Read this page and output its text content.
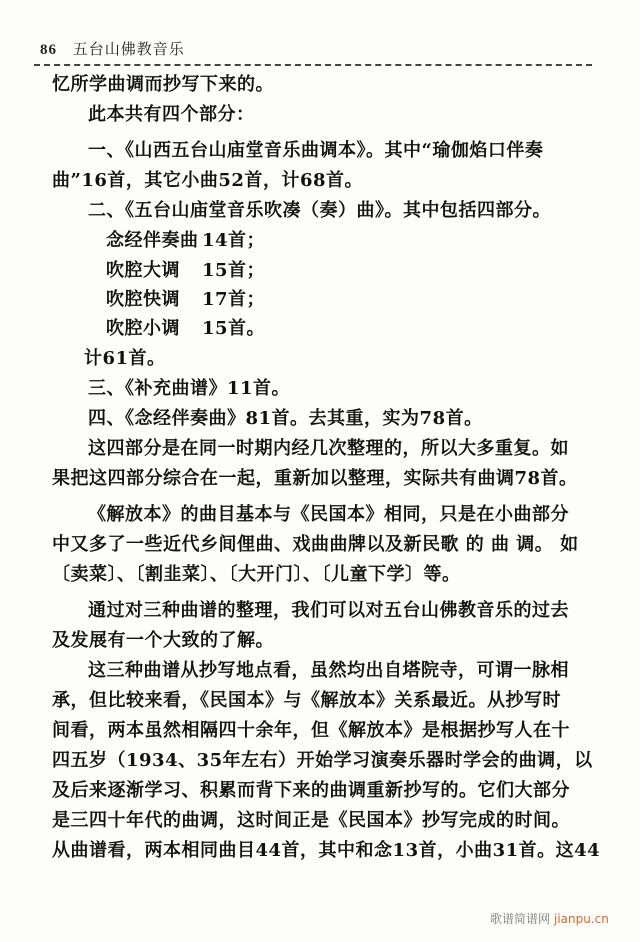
86 五台山佛教音乐
忆所学曲调而抄写下来的。
此本共有四个部分：
一、《山西五台山庙堂音乐曲调本》。其中“瑜伽焰口伴奏
曲”16首，其它小曲52首，计68首。
二、《五台山庙堂音乐吹凑（奏）曲》。其中包括四部分。
念经伴奏曲 14首；
吹腔大调 15首；
吹腔快调 17首；
吹腔小调 15首。
计61首。
三、《补充曲谱》11首。
四、《念经伴奏曲》81首。去其重，实为78首。
这四部分是在同一时期内经几次整理的，所以大多重复。如
果把这四部分综合在一起，重新加以整理，实际共有曲调78首。
《解放本》的曲目基本与《民国本》相同，只是在小曲部分
中又多了一些近代乡间俚曲、戏曲曲牌以及新民歌 的 曲 调。 如
〔卖菜〕、〔割韭菜〕、〔大开门〕、〔儿童下学〕等。
通过对三种曲谱的整理，我们可以对五台山佛教音乐的过去
及发展有一个大致的了解。
这三种曲谱从抄写地点看，虽然均出自塔院寺，可谓一脉相
承，但比较来看，《民国本》与《解放本》关系最近。从抄写时
间看，两本虽然相隔四十余年，但《解放本》是根据抄写人在十
四五岁（1934、35年左右）开始学习演奏乐器时学会的曲调，以
及后来逐渐学习、积累而背下来的曲调重新抄写的。它们大部分
是三四十年代的曲调，这时间正是《民国本》抄写完成的时间。
从曲谱看，两本相同曲目44首，其中和念13首，小曲31首。这44
歌谱简谱网 jianpu.cn
